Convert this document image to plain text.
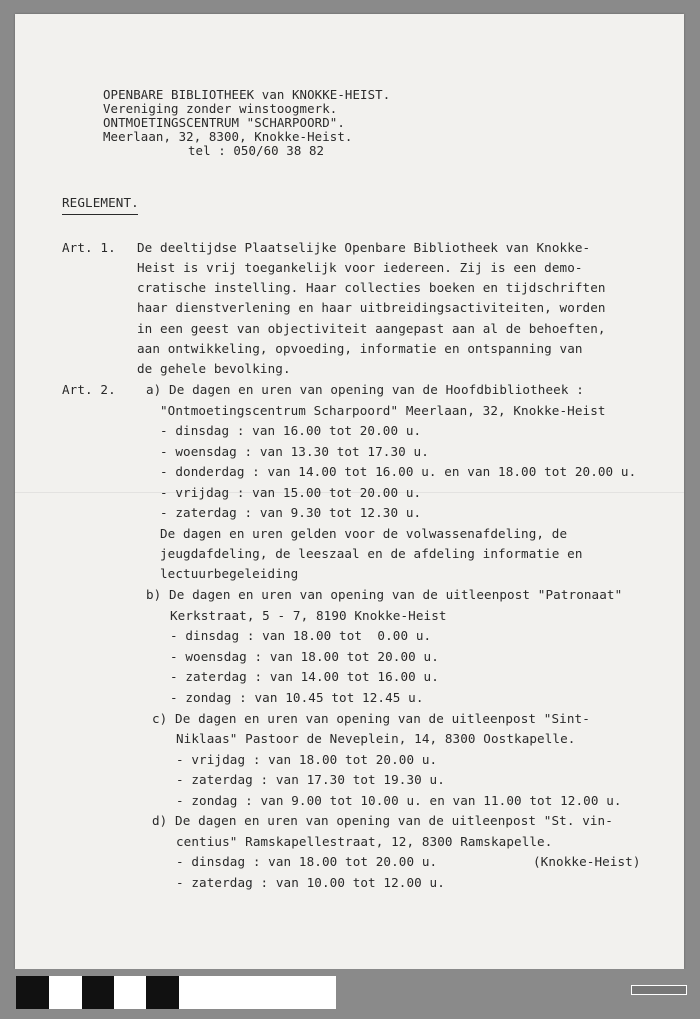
OPENBARE BIBLIOTHEEK van KNOKKE-HEIST.
Vereniging zonder winstoogmerk.
ONTMOETINGSCENTRUM "SCHARPOORD".
Meerlaan, 32, 8300, Knokke-Heist.
tel : 050/60 38 82
REGLEMENT.
Art. 1. De deeltijdse Plaatselijke Openbare Bibliotheek van Knokke-
Heist is vrij toegankelijk voor iedereen. Zij is een demo-
cratische instelling. Haar collecties boeken en tijdschriften
haar dienstverlening en haar uitbreidingsactiviteiten, worden
in een geest van objectiviteit aangepast aan al de behoeften,
aan ontwikkeling, opvoeding, informatie en ontspanning van
de gehele bevolking.
Art. 2. a) De dagen en uren van opening van de Hoofdbibliotheek :
"Ontmoetingscentrum Scharpoord" Meerlaan, 32, Knokke-Heist
- dinsdag : van 16.00 tot 20.00 u.
- woensdag : van 13.30 tot 17.30 u.
- donderdag : van 14.00 tot 16.00 u. en van 18.00 tot 20.00 u.
- vrijdag : van 15.00 tot 20.00 u.
- zaterdag : van 9.30 tot 12.30 u.
De dagen en uren gelden voor de volwassenafdeling, de
jeugdafdeling, de leeszaal en de afdeling informatie en
lectuurbegeleiding
b) De dagen en uren van opening van de uitleenpost "Patronaat"
Kerkstraat, 5 - 7, 8190 Knokke-Heist
- dinsdag : van 18.00 tot  0.00 u.
- woensdag : van 18.00 tot 20.00 u.
- zaterdag : van 14.00 tot 16.00 u.
- zondag : van 10.45 tot 12.45 u.
c) De dagen en uren van opening van de uitleenpost "Sint-
Niklaas" Pastoor de Neveplein, 14, 8300 Oostkapelle.
- vrijdag : van 18.00 tot 20.00 u.
- zaterdag : van 17.30 tot 19.30 u.
- zondag : van 9.00 tot 10.00 u. en van 11.00 tot 12.00 u.
d) De dagen en uren van opening van de uitleenpost "St. vin-
centius" Ramskapellestraat, 12, 8300 Ramskapelle.
- dinsdag : van 18.00 tot 20.00 u.	(Knokke-Heist)
- zaterdag : van 10.00 tot 12.00 u.
